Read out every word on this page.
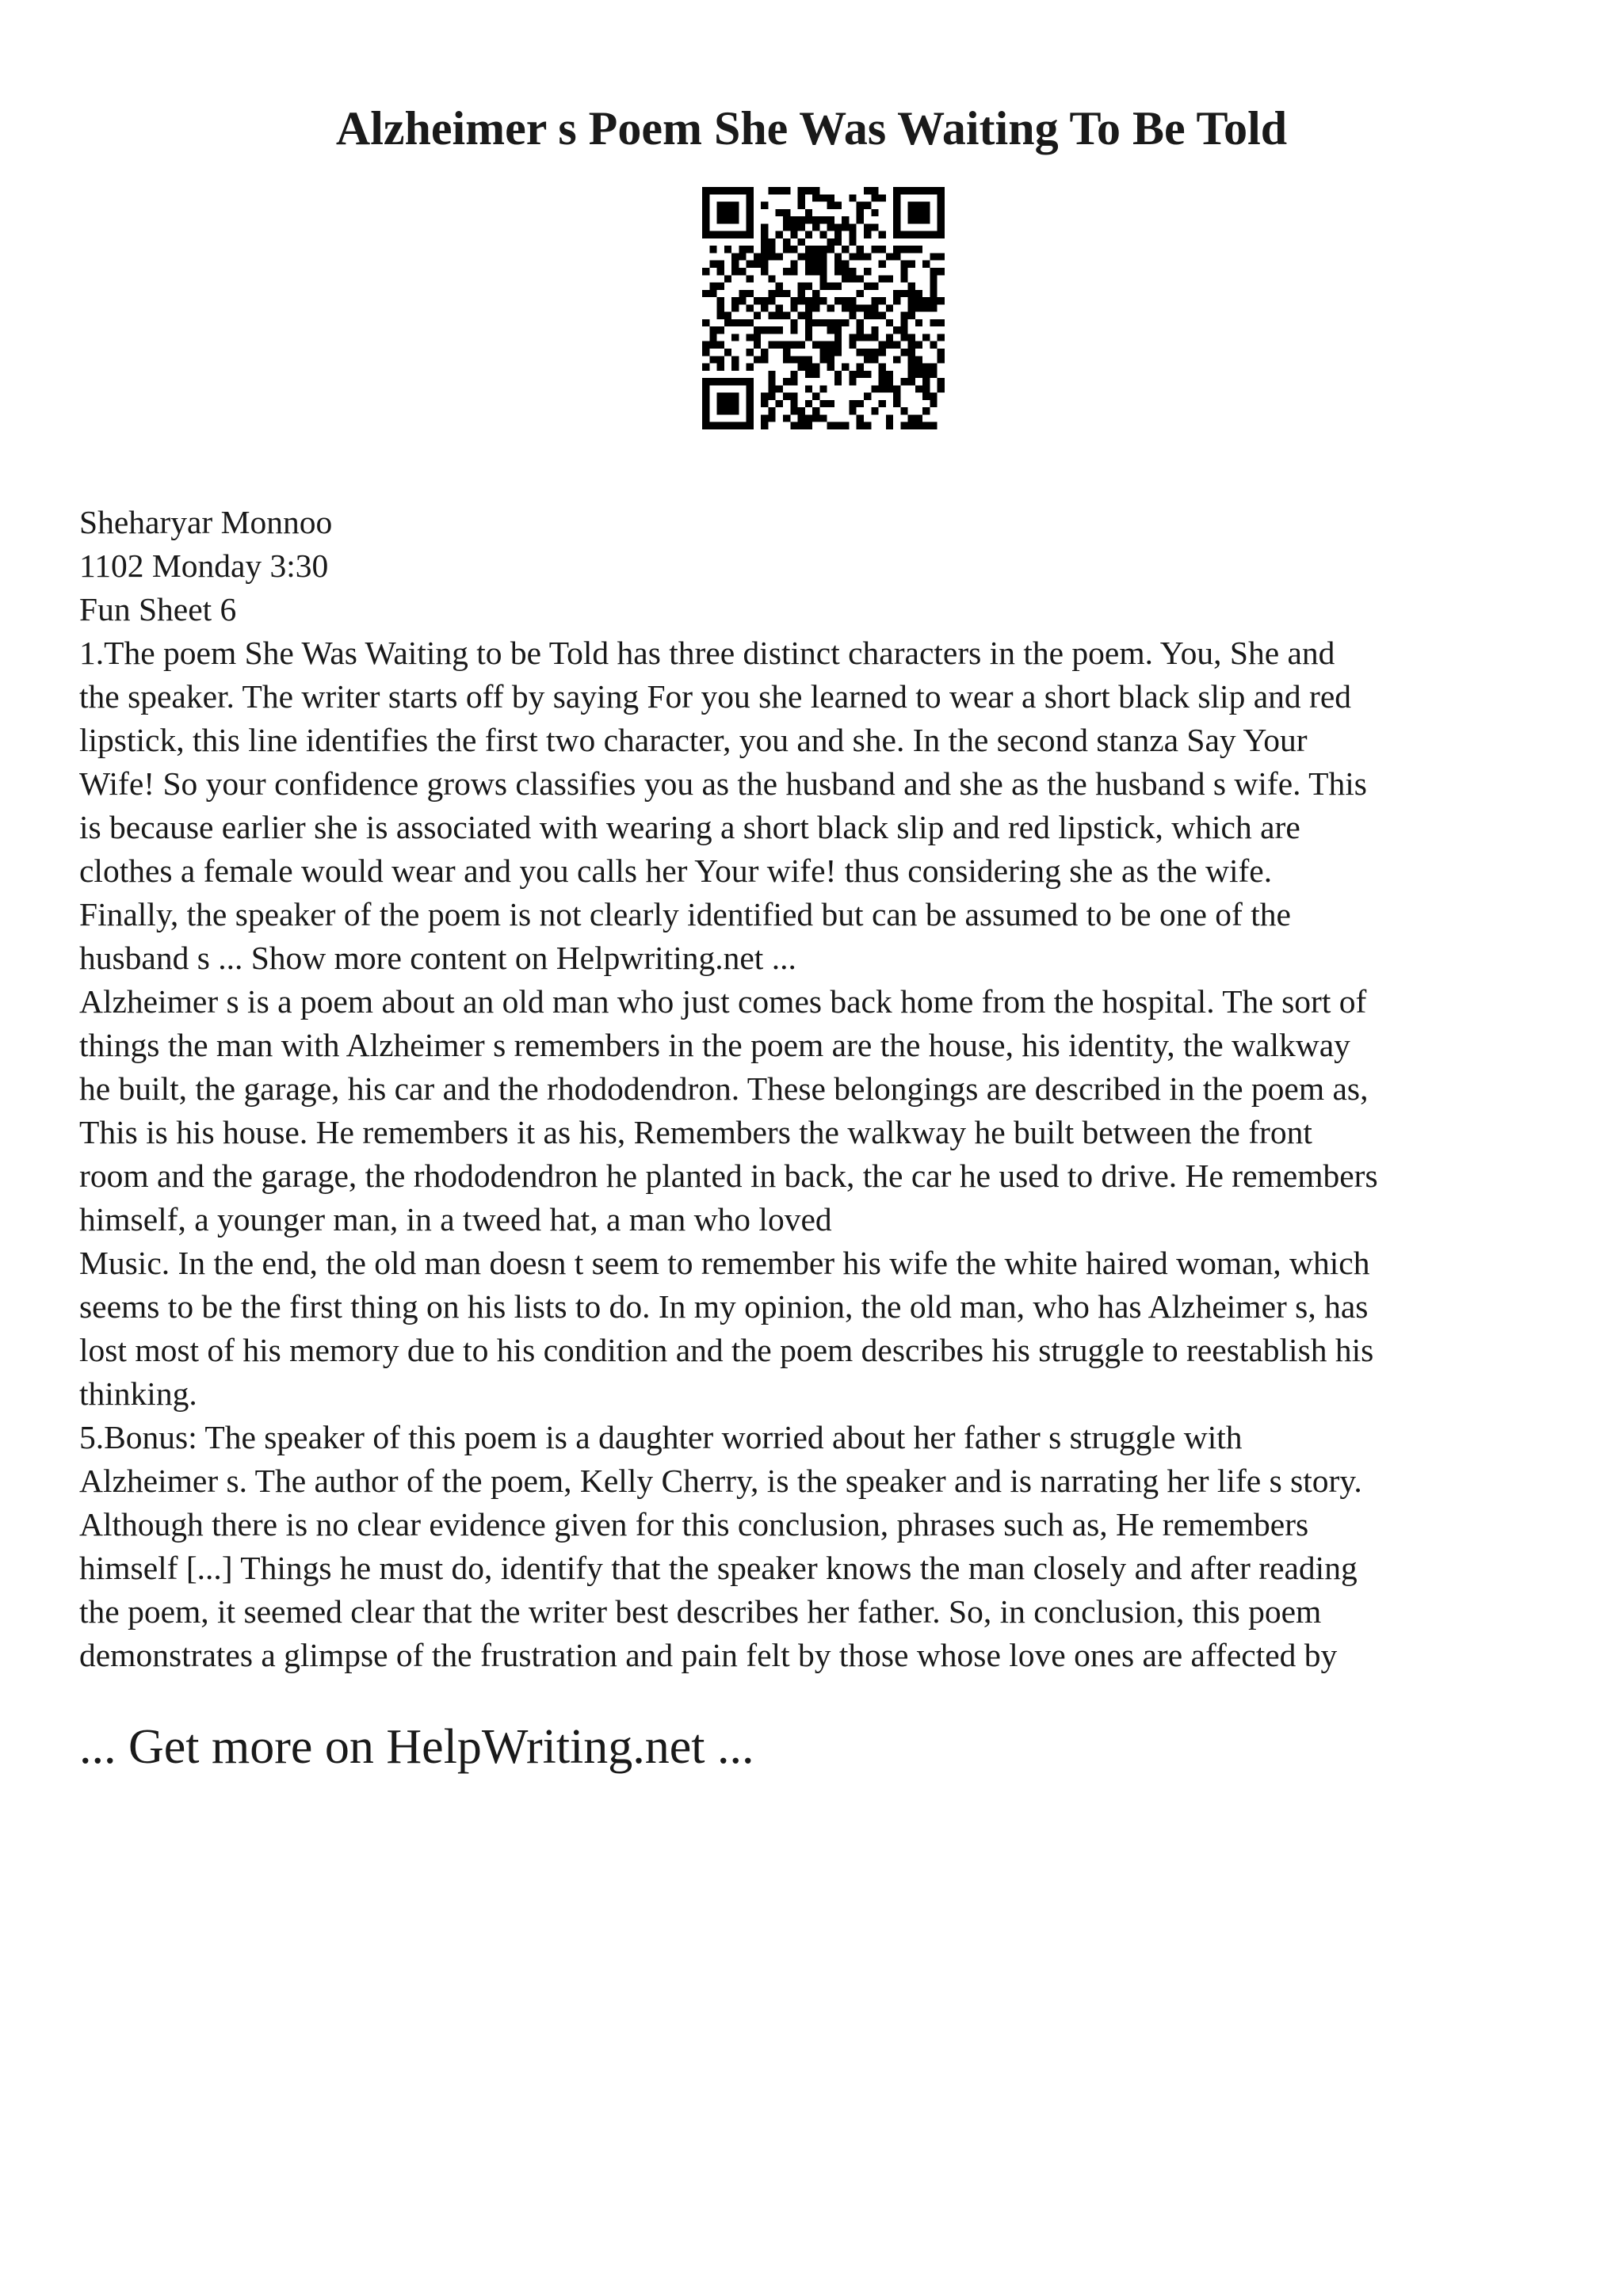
Alzheimer s Poem She Was Waiting To Be Told
Sheharyar Monnoo
1102 Monday 3:30
Fun Sheet 6
1.The poem She Was Waiting to be Told has three distinct characters in the poem. You, She and
the speaker. The writer starts off by saying For you she learned to wear a short black slip and red
lipstick, this line identifies the first two character, you and she. In the second stanza Say Your
Wife! So your confidence grows classifies you as the husband and she as the husband s wife. This
is because earlier she is associated with wearing a short black slip and red lipstick, which are
clothes a female would wear and you calls her Your wife! thus considering she as the wife.
Finally, the speaker of the poem is not clearly identified but can be assumed to be one of the
husband s ... Show more content on Helpwriting.net ...
Alzheimer s is a poem about an old man who just comes back home from the hospital. The sort of
things the man with Alzheimer s remembers in the poem are the house, his identity, the walkway
he built, the garage, his car and the rhododendron. These belongings are described in the poem as,
This is his house. He remembers it as his, Remembers the walkway he built between the front
room and the garage, the rhododendron he planted in back, the car he used to drive. He remembers
himself, a younger man, in a tweed hat, a man who loved
Music. In the end, the old man doesn t seem to remember his wife the white haired woman, which
seems to be the first thing on his lists to do. In my opinion, the old man, who has Alzheimer s, has
lost most of his memory due to his condition and the poem describes his struggle to reestablish his
thinking.
5.Bonus: The speaker of this poem is a daughter worried about her father s struggle with
Alzheimer s. The author of the poem, Kelly Cherry, is the speaker and is narrating her life s story.
Although there is no clear evidence given for this conclusion, phrases such as, He remembers
himself [...] Things he must do, identify that the speaker knows the man closely and after reading
the poem, it seemed clear that the writer best describes her father. So, in conclusion, this poem
demonstrates a glimpse of the frustration and pain felt by those whose love ones are affected by
... Get more on HelpWriting.net ...
